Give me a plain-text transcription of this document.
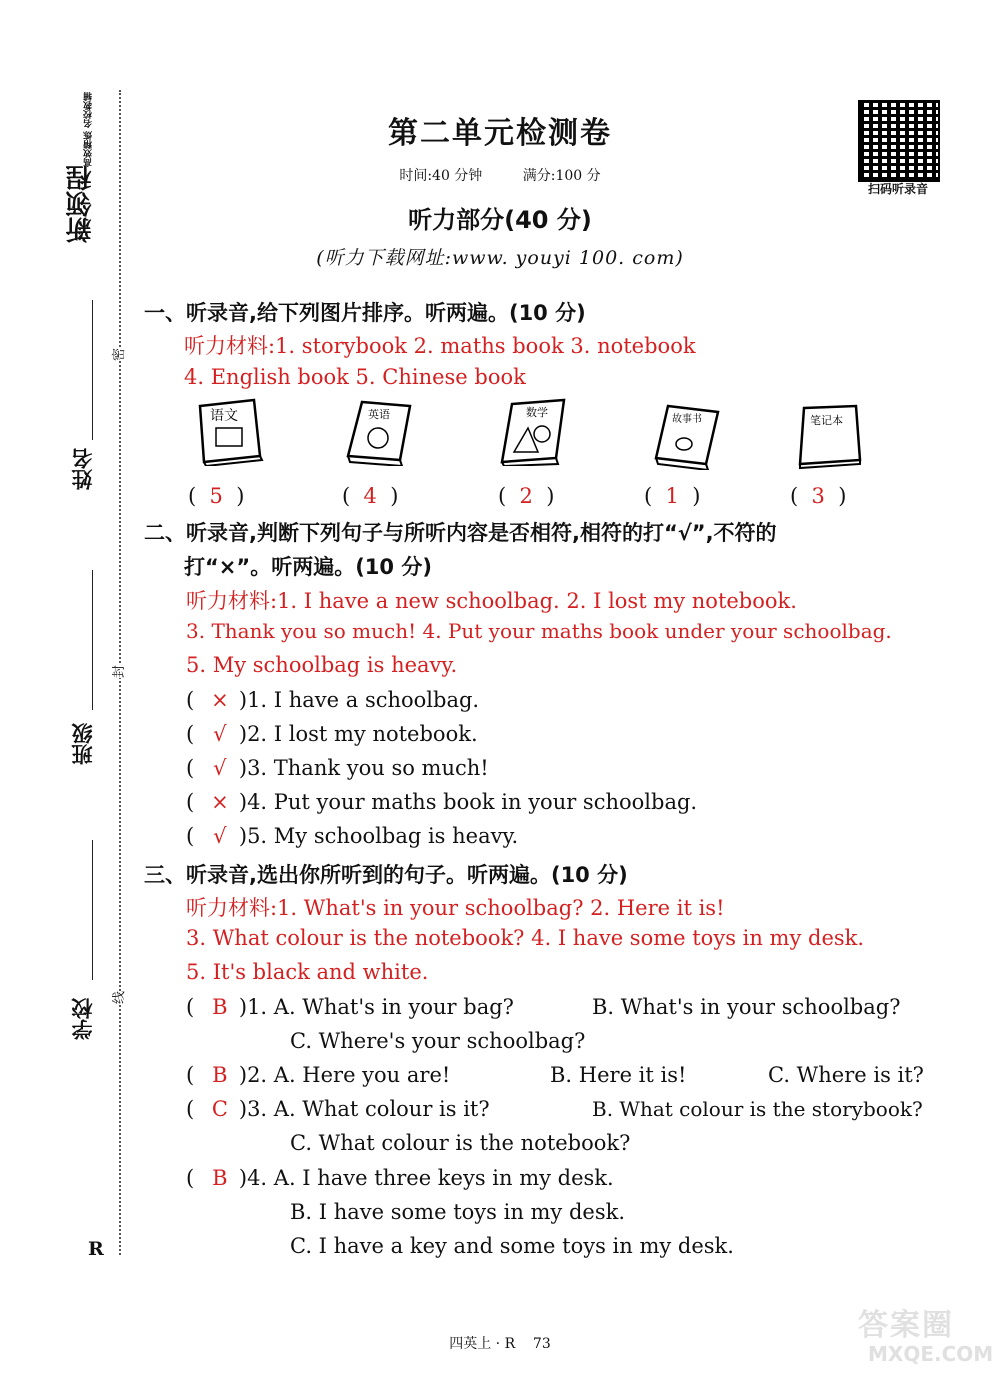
新领程
高效精炼 名校教辅
姓名
班级
学校
密
封
线
R
第二单元检测卷
时间:40 分钟	满分:100 分
听力部分(40 分)
(听力下载网址:www. youyi 100. com)
扫码听录音
一、听录音,给下列图片排序。听两遍。(10 分)
听力材料:1. storybook 2. maths book 3. notebook
4. English book 5. Chinese book
语文	英语	数学
故事书	笔记本
(  5  )	(  4  )	(  2  )	(  1  )	(  3  )
二、听录音,判断下列句子与所听内容是否相符,相符的打“√”,不符的
打“×”。听两遍。(10 分)
听力材料:1. I have a new schoolbag. 2. I lost my notebook.
3. Thank you so much! 4. Put your maths book under your schoolbag.
5. My schoolbag is heavy.
( × )1. I have a schoolbag.
( √ )2. I lost my notebook.
( √ )3. Thank you so much!
( × )4. Put your maths book in your schoolbag.
( √ )5. My schoolbag is heavy.
三、听录音,选出你所听到的句子。听两遍。(10 分)
听力材料:1. What's in your schoolbag? 2. Here it is!
3. What colour is the notebook? 4. I have some toys in my desk.
5. It's black and white.
( B )1. A. What's in your bag?	B. What's in your schoolbag?
C. Where's your schoolbag?
( B )2. A. Here you are!	B. Here it is!	C. Where is it?
( C )3. A. What colour is it?	B. What colour is the storybook?
C. What colour is the notebook?
( B )4. A. I have three keys in my desk.
B. I have some toys in my desk.
C. I have a key and some toys in my desk.
四英上 · R    73
答案圈
MXQE.COM
